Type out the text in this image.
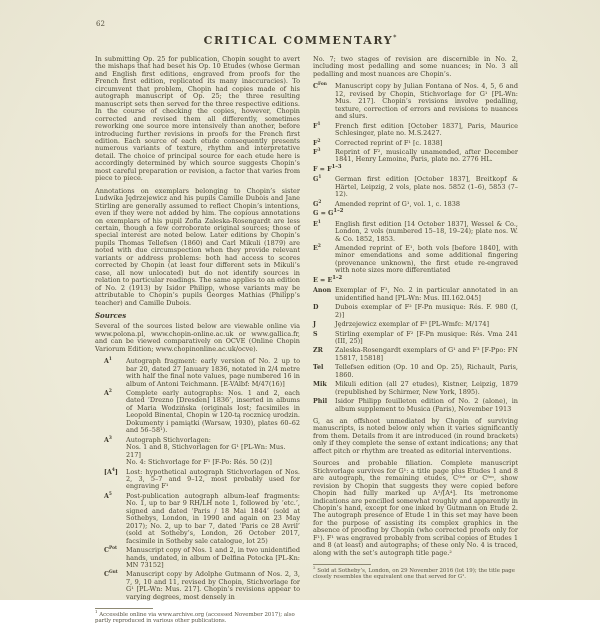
62
CRITICAL COMMENTARY*

In submitting Op. 25 for publication, Chopin sought to avert the mishaps that had beset his Op. 10 Etudes (whose German and English first editions, engraved from proofs for the French first edition, replicated its many inaccuracies). To circumvent that problem, Chopin had copies made of his autograph manuscript of Op. 25; the three resulting manuscript sets then served for the three respective editions. In the course of checking the copies, however, Chopin corrected and revised them all differently, sometimes reworking one source more intensively than another, before introducing further revisions in proofs for the French first edition. Each source of each etude consequently presents numerous variants of texture, rhythm and interpretative detail. The choice of principal source for each etude here is accordingly determined by which source suggests Chopin’s most careful preparation or revision, a factor that varies from piece to piece.

Annotations on exemplars belonging to Chopin’s sister Ludwika Jędrzejewicz and his pupils Camille Dubois and Jane Stirling are generally assumed to reflect Chopin’s intentions, even if they were not added by him. The copious annotations on exemplars of his pupil Zofia Zaleska-Rosengardt are less certain, though a few corroborate original sources; those of special interest are noted below. Later editions by Chopin’s pupils Thomas Tellefsen (1860) and Carl Mikuli (1879) are noted with due circumspection when they provide relevant variants or address problems: both had access to scores corrected by Chopin (at least four different sets in Mikuli’s case, all now unlocated) but do not identify sources in relation to particular readings. The same applies to an edition of No. 2 (1913) by Isidor Philipp, whose variants may be attributable to Chopin’s pupils Georges Mathias (Philipp’s teacher) and Camille Dubois.

Sources

Several of the sources listed below are viewable online via www.polona.pl, www.chopin-online.ac.uk or www.gallica.fr, and can be viewed comparatively on OCVE (Online Chopin Variorum Edition; www.chopinonline.ac.uk/ocve).

$A^1$	Autograph fragment: early version of No. 2 up to bar 20, dated 27 January 1836, notated in 2/4 metre with half the final note values, page numbered 16 in album of Antoni Teichmann. [E-VAlbf: M/47(16)]
$A^2$	Complete early autographs: Nos. 1 and 2, each dated ‘Drezno [Dresden] 1836’, inserted in albums of Maria Wodzińska (originals lost; facsimiles in Leopold Binental, Chopin w 120-tą rocznicę urodzin. Dokumenty i pamiątki (Warsaw, 1930), plates 60–62 and 56–58¹).
$A^3$	Autograph Stichvorlagen:
Nos. 1 and 8, Stichvorlagen for G¹ [PL-Wn: Mus. 217]
No. 4: Stichvorlage for F¹ [F-Po: Rés. 50 (2)]
$[A^4]$	Lost: hypothetical autograph Stichvorlagen of Nos. 2, 3, 5–7 and 9–12, most probably used for engraving F¹
$A^5$	Post-publication autograph album-leaf fragments: No. 1, up to bar 9 RH/LH note 1, followed by ‘etc.’, signed and dated ‘Paris / 18 Mai 1844’ (sold at Sothebys, London, in 1990 and again on 23 May 2017); No. 2, up to bar 7, dated ‘Paris ce 28 Avril’ (sold at Sotheby’s, London, 26 October 2017, facsimile in Sotheby sale catalogue, lot 25)
$C^{Pot}$	Manuscript copy of Nos. 1 and 2, in two unidentified hands, undated, in album of Delfina Potocka [PL-Kn: MN 73152]
$C^{Gut}$	Manuscript copy by Adolphe Gutmann of Nos. 2, 3, 7, 9, 10 and 11, revised by Chopin, Stichvorlage for G¹ [PL-Wn: Mus. 217]. Chopin’s revisions appear to varying degrees, most densely in
$^1$ Accessible online via www.archive.org (accessed November 2017); also partly reproduced in various other publications.

No. 7; two stages of revision are discernible in No. 2, including most pedalling and some nuances; in No. 3 all pedalling and most nuances are Chopin’s.

$C^{Fon}$	Manuscript copy by Julian Fontana of Nos. 4, 5, 6 and 12, revised by Chopin, Stichvorlage for G¹ [PL-Wn: Mus. 217]. Chopin’s revisions involve pedalling, texture, correction of errors and revisions to nuances and slurs.
$F^1$	French first edition [October 1837], Paris, Maurice Schlesinger, plate no. M.S.2427.
$F^2$	Corrected reprint of F¹ [c. 1838]
$F^3$	Reprint of F², musically unamended, after December 1841, Henry Lemoine, Paris, plate no. 2776 HL.
$F = F^{1-3}$
$G^1$	German first edition [October 1837], Breitkopf & Härtel, Leipzig, 2 vols, plate nos. 5852 (1–6), 5853 (7–12).
$G^2$	Amended reprint of G¹, vol. 1, c. 1838
$G = G^{1-2}$
$E^1$	English first edition [14 October 1837], Wessel & Co., London, 2 vols (numbered 15–18, 19–24); plate nos. W. & Co. 1852, 1853.
$E^2$	Amended reprint of E¹, both vols [before 1840], with minor emendations and some additional fingering (provenance unknown), the first etude re-engraved with note sizes more differentiated
$E = E^{1-2}$
Anon Exemplar of F¹, No. 2 in particular annotated in an unidentified hand [PL-Wn: Mus. III.162.045]
D	Dubois exemplar of F² [F-Pn musique: Rés. F. 980 (I, 2)]
J	Jędrzejewicz exemplar of F³ [PL-Wmfc: M/174]
S	Stirling exemplar of F² [F-Pn musique: Rés. Vma 241 (III, 25)]
ZR	Zaleska-Rosengardt exemplars of G¹ and F³ [F-Ppo: FN 15817, 15818]
Tel	Tellefsen edition (Op. 10 and Op. 25), Richault, Paris, 1860.
Mik	Mikuli edition (all 27 etudes), Kistner, Leipzig, 1879 (republished by Schirmer, New York, 1895).
Phil	Isidor Philipp feuilleton edition of No. 2 (alone), in album supplement to Musica (Paris), November 1913

G, as an offshoot unmediated by Chopin of surviving manuscripts, is noted below only when it varies significantly from them. Details from it are introduced (in round brackets) only if they complete the sense of extant indications; any that affect pitch or rhythm are treated as editorial interventions.

Sources and probable filiation. Complete manuscript Stichvorlage survives for G¹: a title page plus Etudes 1 and 8 are autograph, the remaining etudes, Cᴳᵘᵗ or Cᶠᵒⁿ, show revision by Chopin that suggests they were copied before Chopin had fully marked up A³/[A⁴]. Its metronome indications are pencilled somewhat roughly and apparently in Chopin’s hand, except for one inked by Gutmann on Etude 2. The autograph presence of Etude 1 in this set may have been for the purpose of assisting its complex graphics in the absence of proofing by Chopin (who corrected proofs only for F¹). F¹ was engraved probably from scribal copies of Etudes 1 and 8 (at least) and autographs; of these only No. 4 is traced, along with the set’s autograph title page.²

$^2$ Sold at Sotheby’s, London, on 29 November 2016 (lot 19); the title page closely resembles the equivalent one that served for G¹.
